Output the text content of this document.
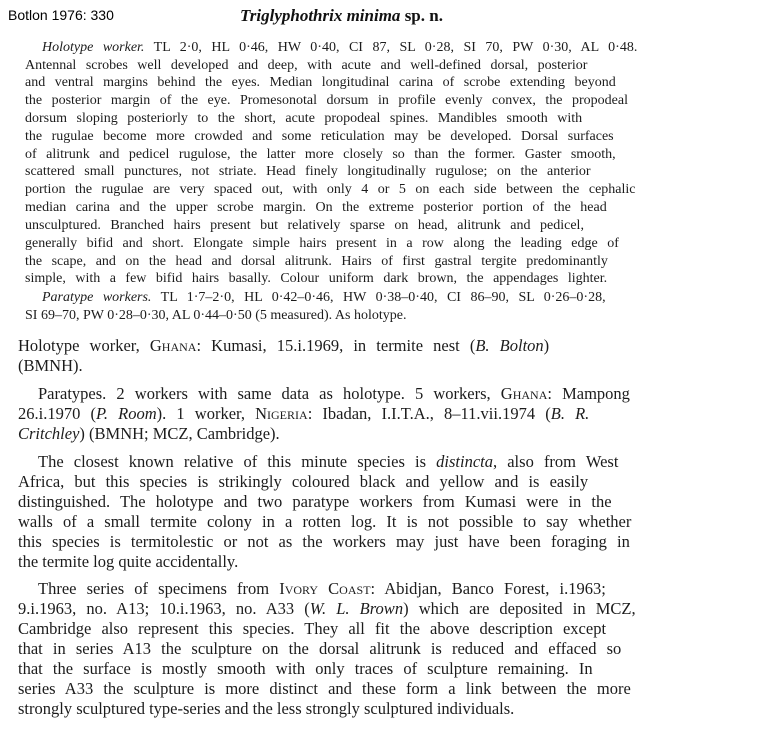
Botlon 1976: 330	Triglyphothrix minima sp. n.
Holotype worker. TL 2·0, HL 0·46, HW 0·40, CI 87, SL 0·28, SI 70, PW 0·30, AL 0·48.
Antennal scrobes well developed and deep, with acute and well-defined dorsal, posterior
and ventral margins behind the eyes. Median longitudinal carina of scrobe extending beyond
the posterior margin of the eye. Promesonotal dorsum in profile evenly convex, the propodeal
dorsum sloping posteriorly to the short, acute propodeal spines. Mandibles smooth with
the rugulae become more crowded and some reticulation may be developed. Dorsal surfaces
of alitrunk and pedicel rugulose, the latter more closely so than the former. Gaster smooth,
scattered small punctures, not striate. Head finely longitudinally rugulose; on the anterior
portion the rugulae are very spaced out, with only 4 or 5 on each side between the cephalic
median carina and the upper scrobe margin. On the extreme posterior portion of the head
unsculptured. Branched hairs present but relatively sparse on head, alitrunk and pedicel,
generally bifid and short. Elongate simple hairs present in a row along the leading edge of
the scape, and on the head and dorsal alitrunk. Hairs of first gastral tergite predominantly
simple, with a few bifid hairs basally. Colour uniform dark brown, the appendages lighter.
Paratype workers. TL 1·7–2·0, HL 0·42–0·46, HW 0·38–0·40, CI 86–90, SL 0·26–0·28,
SI 69–70, PW 0·28–0·30, AL 0·44–0·50 (5 measured). As holotype.
Holotype worker, Ghana: Kumasi, 15.i.1969, in termite nest (B. Bolton)
(BMNH).
Paratypes. 2 workers with same data as holotype. 5 workers, Ghana: Mampong
26.i.1970 (P. Room). 1 worker, Nigeria: Ibadan, I.I.T.A., 8–11.vii.1974 (B. R.
Critchley) (BMNH; MCZ, Cambridge).
The closest known relative of this minute species is distincta, also from West
Africa, but this species is strikingly coloured black and yellow and is easily
distinguished. The holotype and two paratype workers from Kumasi were in the
walls of a small termite colony in a rotten log. It is not possible to say whether
this species is termitolestic or not as the workers may just have been foraging in
the termite log quite accidentally.
Three series of specimens from Ivory Coast: Abidjan, Banco Forest, i.1963;
9.i.1963, no. A13; 10.i.1963, no. A33 (W. L. Brown) which are deposited in MCZ,
Cambridge also represent this species. They all fit the above description except
that in series A13 the sculpture on the dorsal alitrunk is reduced and effaced so
that the surface is mostly smooth with only traces of sculpture remaining. In
series A33 the sculpture is more distinct and these form a link between the more
strongly sculptured type-series and the less strongly sculptured individuals.
